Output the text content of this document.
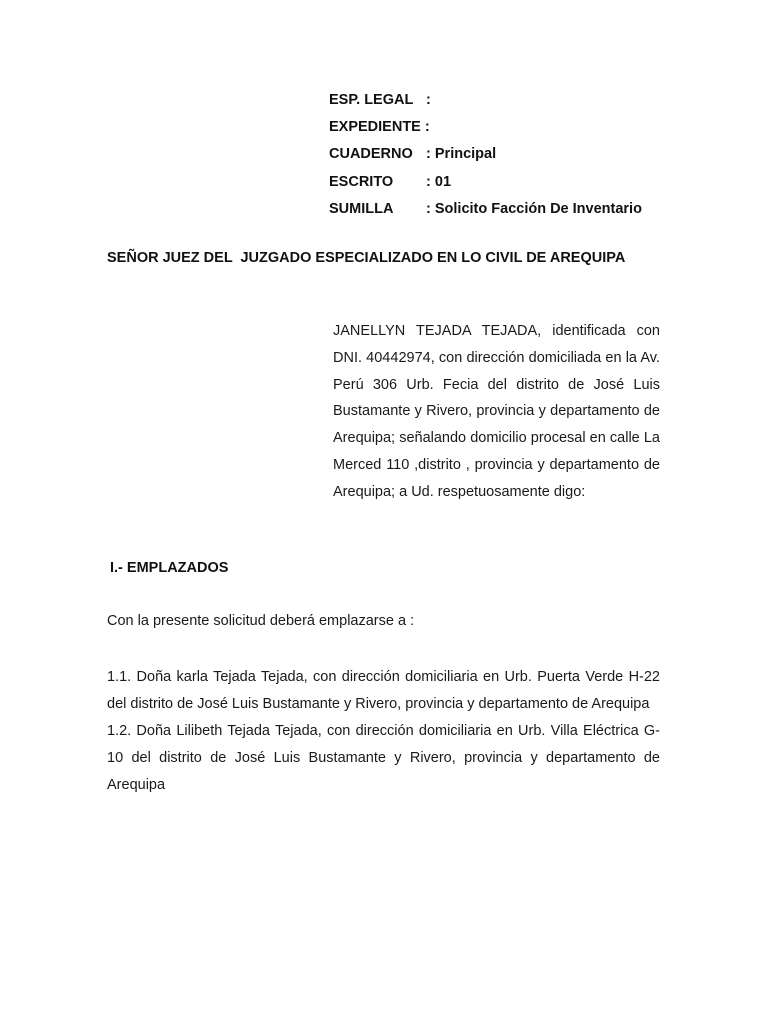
ESP. LEGAL :
EXPEDIENTE :
CUADERNO : Principal
ESCRITO	: 01
SUMILLA	: Solicito Facción De Inventario
SEÑOR JUEZ DEL  JUZGADO ESPECIALIZADO EN LO CIVIL DE AREQUIPA
JANELLYN TEJADA TEJADA, identificada con DNI. 40442974, con dirección domiciliada en la Av. Perú 306 Urb. Fecia del distrito de José Luis Bustamante y Rivero, provincia y departamento de Arequipa; señalando domicilio procesal en calle La Merced 110 ,distrito , provincia y departamento de Arequipa; a Ud. respetuosamente digo:
I.- EMPLAZADOS
Con la presente solicitud deberá emplazarse a :

1.1. Doña karla Tejada Tejada, con dirección domiciliaria en Urb. Puerta Verde H-22 del distrito de José Luis Bustamante y Rivero, provincia y departamento de Arequipa

1.2. Doña Lilibeth Tejada Tejada, con dirección domiciliaria en Urb. Villa Eléctrica G-10 del distrito de José Luis Bustamante y Rivero, provincia y departamento de Arequipa
